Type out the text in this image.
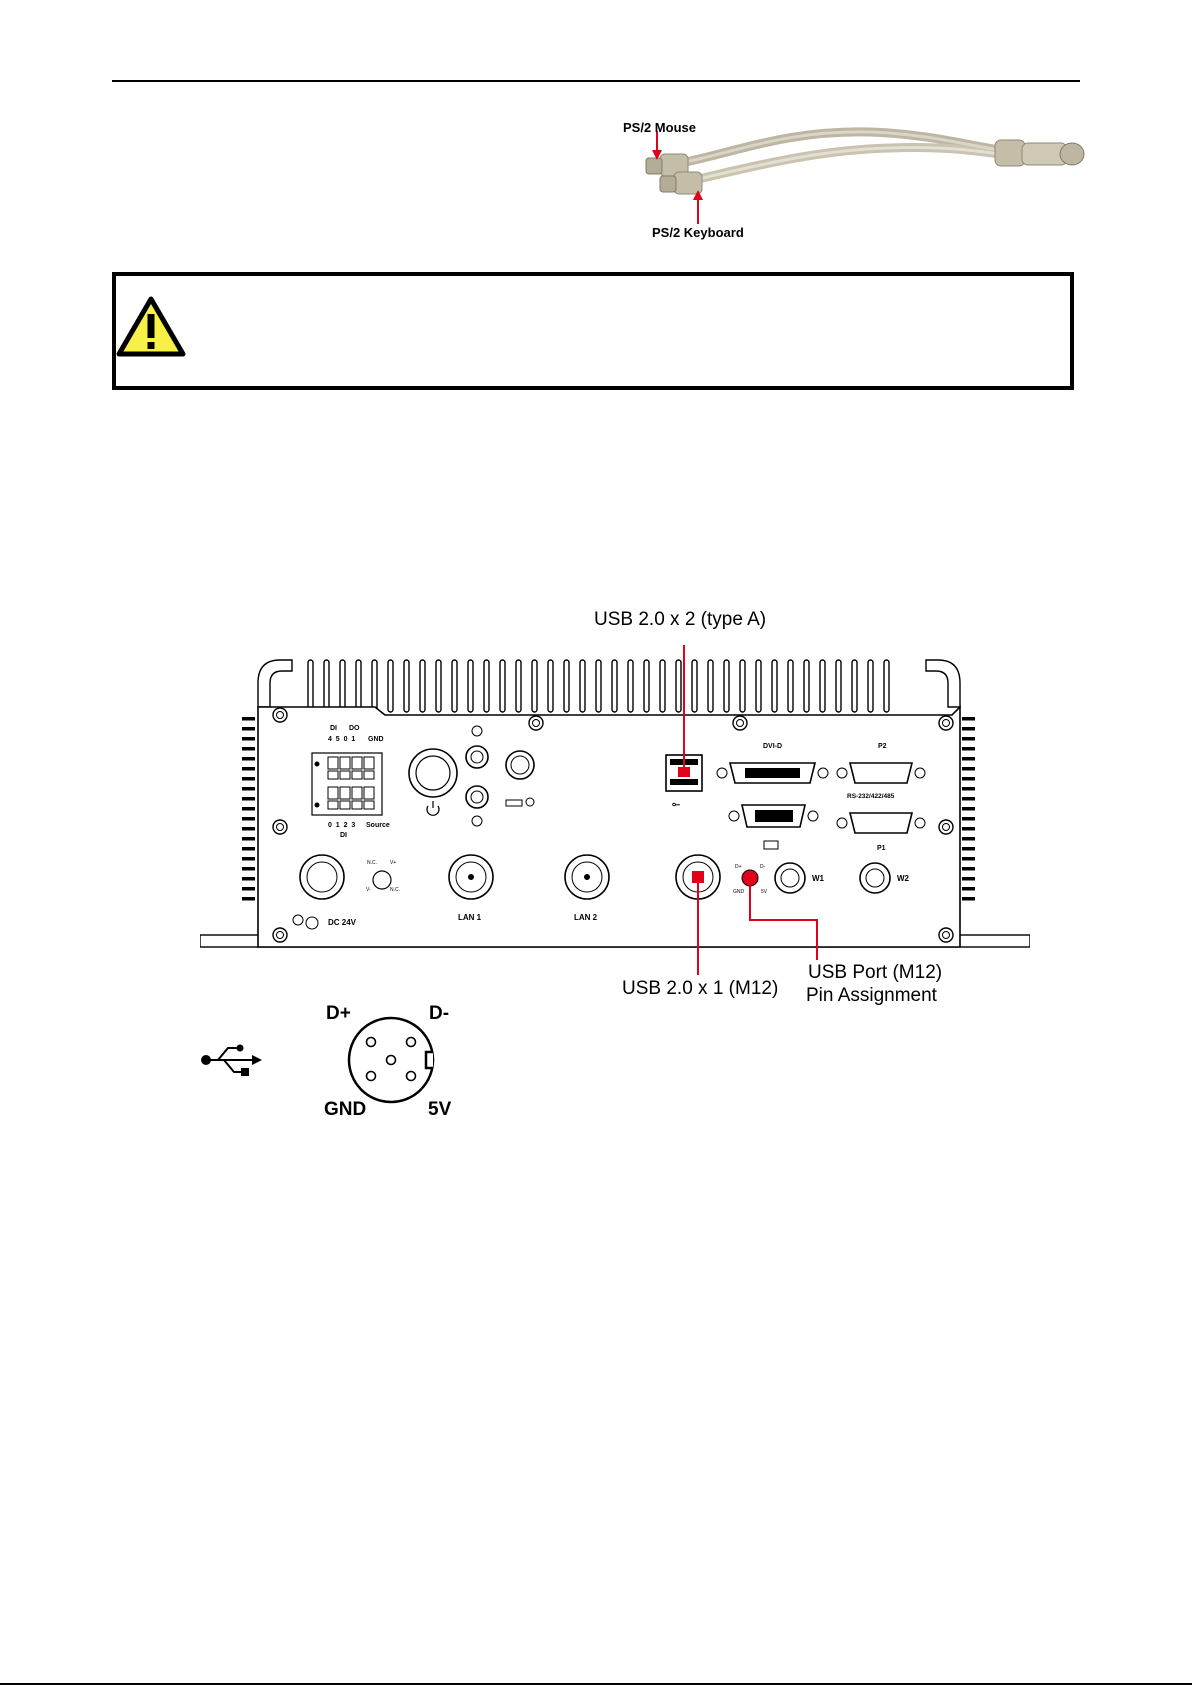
PS/2 Mouse
PS/2 Keyboard
DI DO
4  5  0  1 GND
0  1  2  3 Source
DI
⟜
DVI-D	P2
RS-232/422/485
P1
N.C.	V+
V-	N.C.
DC 24V
LAN 1	LAN 2
D+	D-
GND	5V
W1	W2
USB 2.0 x 2 (type A)
USB 2.0 x 1 (M12)
USB Port (M12)
Pin Assignment
D+	D-
GND	5V
